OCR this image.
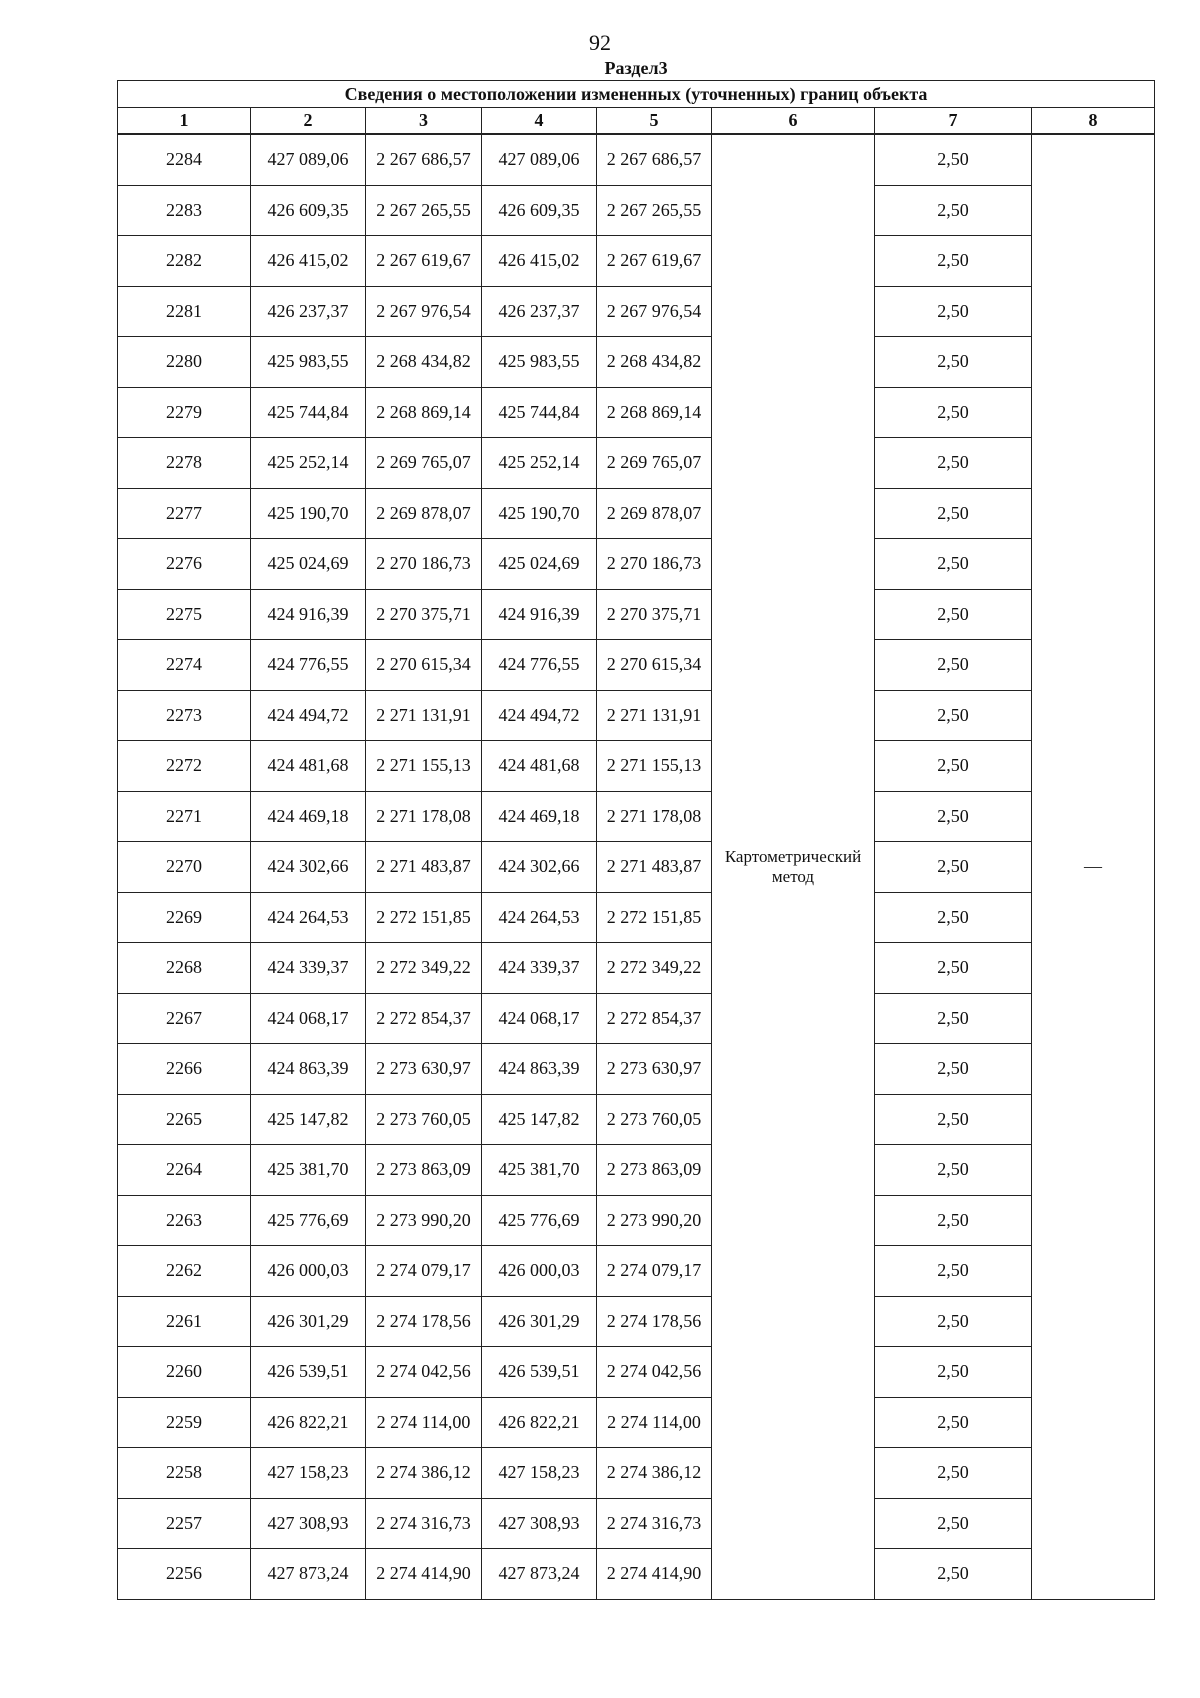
92
Раздел3							
Сведения о местоположении измененных (уточненных) границ объекта							
1	2	3	4	5	6	7	8
2284	427 089,06	2 267 686,57	427 089,06	2 267 686,57	Картометрический метод	2,50	—
2283	426 609,35	2 267 265,55	426 609,35	2 267 265,55		2,50	
2282	426 415,02	2 267 619,67	426 415,02	2 267 619,67		2,50	
2281	426 237,37	2 267 976,54	426 237,37	2 267 976,54		2,50	
2280	425 983,55	2 268 434,82	425 983,55	2 268 434,82		2,50	
2279	425 744,84	2 268 869,14	425 744,84	2 268 869,14		2,50	
2278	425 252,14	2 269 765,07	425 252,14	2 269 765,07		2,50	
2277	425 190,70	2 269 878,07	425 190,70	2 269 878,07		2,50	
2276	425 024,69	2 270 186,73	425 024,69	2 270 186,73		2,50	
2275	424 916,39	2 270 375,71	424 916,39	2 270 375,71		2,50	
2274	424 776,55	2 270 615,34	424 776,55	2 270 615,34		2,50	
2273	424 494,72	2 271 131,91	424 494,72	2 271 131,91		2,50	
2272	424 481,68	2 271 155,13	424 481,68	2 271 155,13		2,50	
2271	424 469,18	2 271 178,08	424 469,18	2 271 178,08		2,50	
2270	424 302,66	2 271 483,87	424 302,66	2 271 483,87		2,50	
2269	424 264,53	2 272 151,85	424 264,53	2 272 151,85		2,50	
2268	424 339,37	2 272 349,22	424 339,37	2 272 349,22		2,50	
2267	424 068,17	2 272 854,37	424 068,17	2 272 854,37		2,50	
2266	424 863,39	2 273 630,97	424 863,39	2 273 630,97		2,50	
2265	425 147,82	2 273 760,05	425 147,82	2 273 760,05		2,50	
2264	425 381,70	2 273 863,09	425 381,70	2 273 863,09		2,50	
2263	425 776,69	2 273 990,20	425 776,69	2 273 990,20		2,50	
2262	426 000,03	2 274 079,17	426 000,03	2 274 079,17		2,50	
2261	426 301,29	2 274 178,56	426 301,29	2 274 178,56		2,50	
2260	426 539,51	2 274 042,56	426 539,51	2 274 042,56		2,50	
2259	426 822,21	2 274 114,00	426 822,21	2 274 114,00		2,50	
2258	427 158,23	2 274 386,12	427 158,23	2 274 386,12		2,50	
2257	427 308,93	2 274 316,73	427 308,93	2 274 316,73		2,50	
2256	427 873,24	2 274 414,90	427 873,24	2 274 414,90		2,50	
